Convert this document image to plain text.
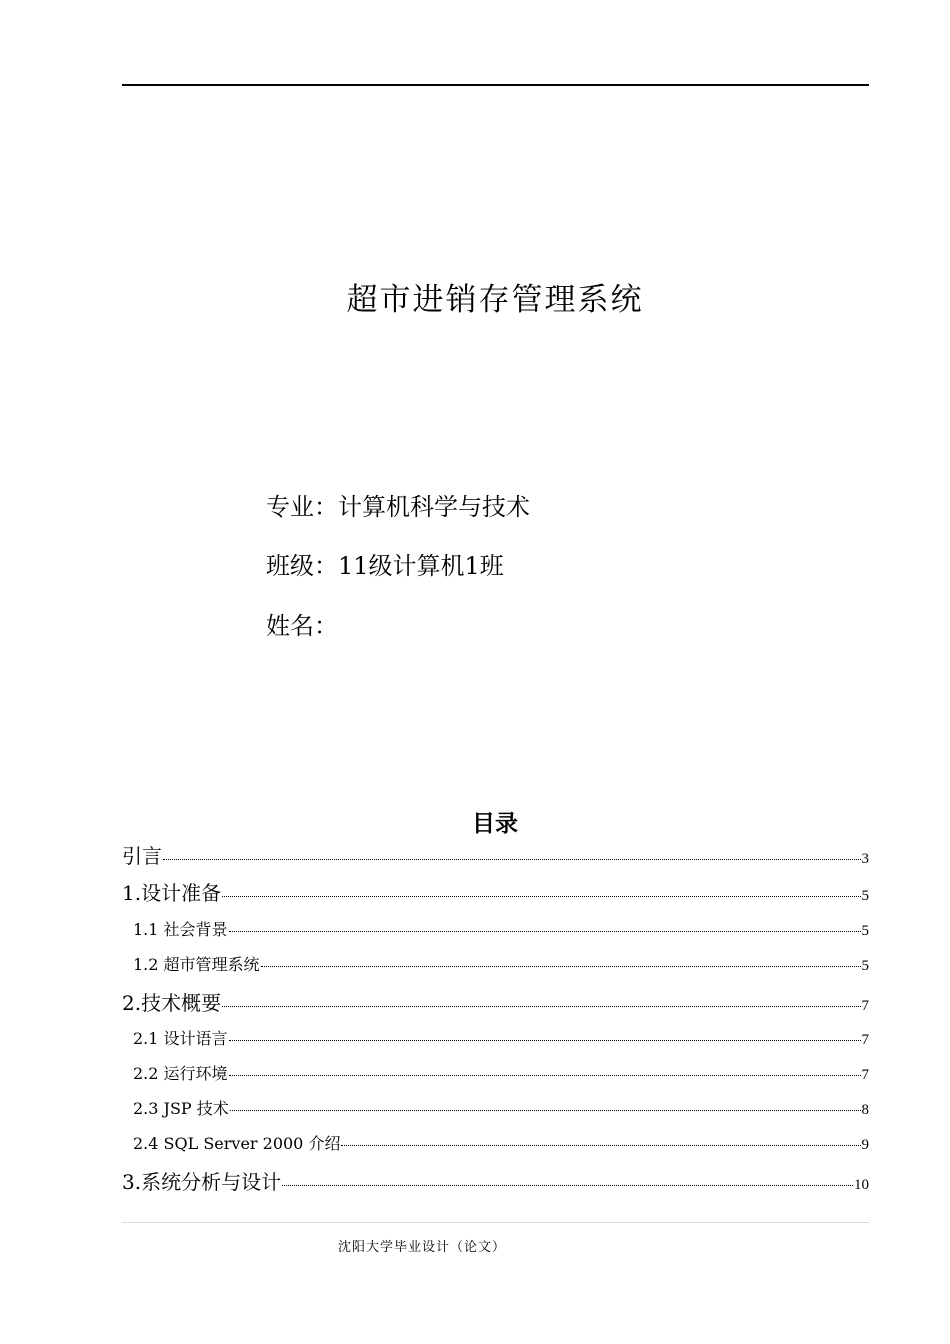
超市进销存管理系统
专业：计算机科学与技术
班级：11级计算机1班
姓名：
目录
引言	3
1.设计准备	5
1.1 社会背景	5
1.2 超市管理系统	5
2.技术概要	7
2.1 设计语言	7
2.2 运行环境	7
2.3 JSP 技术	8
2.4 SQL Server 2000 介绍	9
3.系统分析与设计	10
沈阳大学毕业设计（论文）
